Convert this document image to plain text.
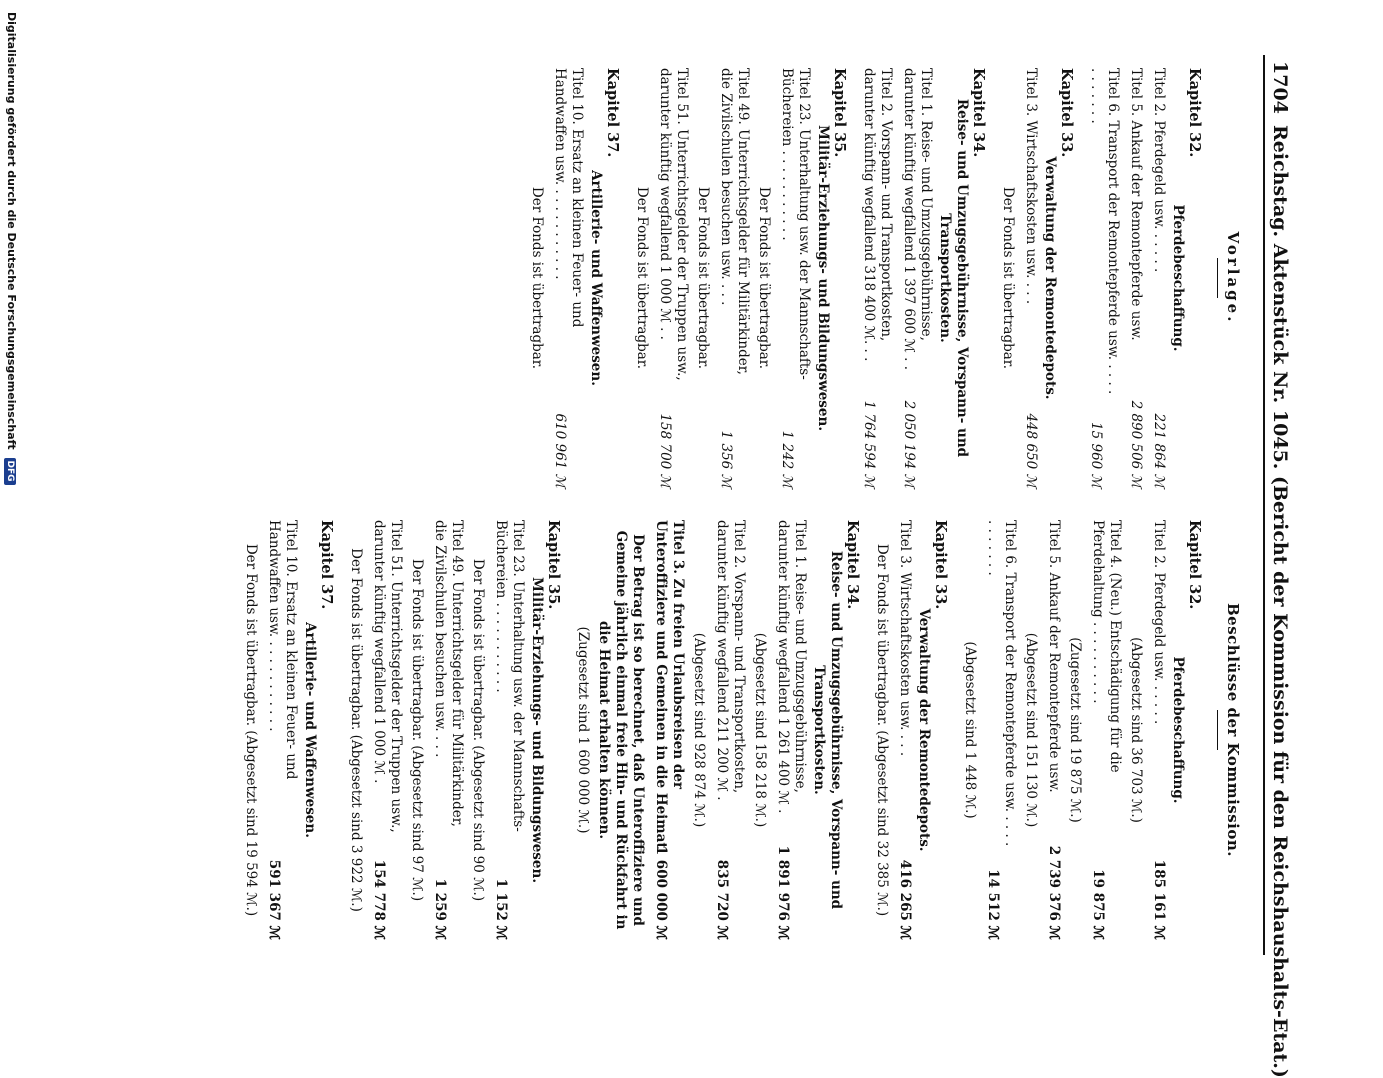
1704
Reichstag. Aktenstück Nr. 1045. (Bericht der Kommission für den Reichshaushalts-Etat.)
Vorlage.
Kapitel 32.
Pferdebeschaffung.
Titel 2. Pferdegeld usw. . . . . .
221 864 ℳ
Titel 5. Ankauf der Remontepferde usw.
2 890 506 ℳ
Titel 6. Transport der Remontepferde usw. . . . . . . . . . . .
15 960 ℳ
Kapitel 33.
Verwaltung der Remontedepots.
Titel 3. Wirtschaftskosten usw. . . .
448 650 ℳ
Der Fonds ist übertragbar.
Kapitel 34.
Reise- und Umzugsgebührnisse, Vorspann- und Transportkosten.
Titel 1. Reise- und Umzugsgebührnisse, darunter künftig wegfallend 1 397 600 ℳ . .
2 050 194 ℳ
Titel 2. Vorspann- und Transportkosten, darunter künftig wegfallend 318 400 ℳ. . .
1 764 594 ℳ
Kapitel 35.
Militär-Erziehungs- und Bildungswesen.
Titel 23. Unterhaltung usw. der Mannschafts-Büchereien . . . . . . . . . . .
1 242 ℳ
Der Fonds ist übertragbar.
Titel 49. Unterrichtsgelder für Militärkinder, die Zivilschulen besuchen usw. . . .
1 356 ℳ
Der Fonds ist übertragbar.
Titel 51. Unterrichtsgelder der Truppen usw., darunter künftig wegfallend 1 000 ℳ . .
158 700 ℳ
Der Fonds ist übertragbar.
Kapitel 37.
Artillerie- und Waffenwesen.
Titel 10. Ersatz an kleinen Feuer- und Handwaffen usw. . . . . . . . . . . .
610 961 ℳ
Der Fonds ist übertragbar.
Beschlüsse der Kommission.
Kapitel 32.
Pferdebeschaffung.
Titel 2. Pferdegeld usw. . . . . .
185 161 ℳ
(Abgesetzt sind 36 703 ℳ.)
Titel 4. (Neu.) Entschädigung für die Pferdehaltung . . . . . . . . . .
19 875 ℳ
(Zugesetzt sind 19 875 ℳ.)
Titel 5. Ankauf der Remontepferde usw.
2 739 376 ℳ
(Abgesetzt sind 151 130 ℳ.)
Titel 6. Transport der Remontepferde usw. . . . . . . . . . . .
14 512 ℳ
(Abgesetzt sind 1 448 ℳ.)
Kapitel 33.
Verwaltung der Remontedepots.
Titel 3. Wirtschaftskosten usw. . . .
416 265 ℳ
Der Fonds ist übertragbar. (Abgesetzt sind 32 385 ℳ.)
Kapitel 34.
Reise- und Umzugsgebührnisse, Vorspann- und Transportkosten.
Titel 1. Reise- und Umzugsgebührnisse, darunter künftig wegfallend 1 261 400 ℳ .
1 891 976 ℳ
(Abgesetzt sind 158 218 ℳ.)
Titel 2. Vorspann- und Transportkosten, darunter künftig wegfallend 211 200 ℳ .
835 720 ℳ
(Abgesetzt sind 928 874 ℳ.)
Titel 3. Zu freien Urlaubsreisen der Unteroffiziere und Gemeinen in die Heimat
1 600 000 ℳ
Der Betrag ist so berechnet, daß Unteroffiziere und Gemeine jährlich einmal freie Hin- und Rückfahrt in die Heimat erhalten können.
(Zugesetzt sind 1 600 000 ℳ.)
Kapitel 35.
Militär-Erziehungs- und Bildungswesen.
Titel 23. Unterhaltung usw. der Mannschafts-Büchereien . . . . . . . . . . .
1 152 ℳ
Der Fonds ist übertragbar. (Abgesetzt sind 90 ℳ.)
Titel 49. Unterrichtsgelder für Militärkinder, die Zivilschulen besuchen usw. . . .
1 259 ℳ
Der Fonds ist übertragbar. (Abgesetzt sind 97 ℳ.)
Titel 51. Unterrichtsgelder der Truppen usw., darunter künftig wegfallend 1 000 ℳ .
154 778 ℳ
Der Fonds ist übertragbar. (Abgesetzt sind 3 922 ℳ.)
Kapitel 37.
Artillerie- und Waffenwesen.
Titel 10. Ersatz an kleinen Feuer- und Handwaffen usw. . . . . . . . . . . .
591 367 ℳ
Der Fonds ist übertragbar. (Abgesetzt sind 19 594 ℳ.)
Digitalisierung gefördert durch die Deutsche Forschungsgemeinschaft DFG
